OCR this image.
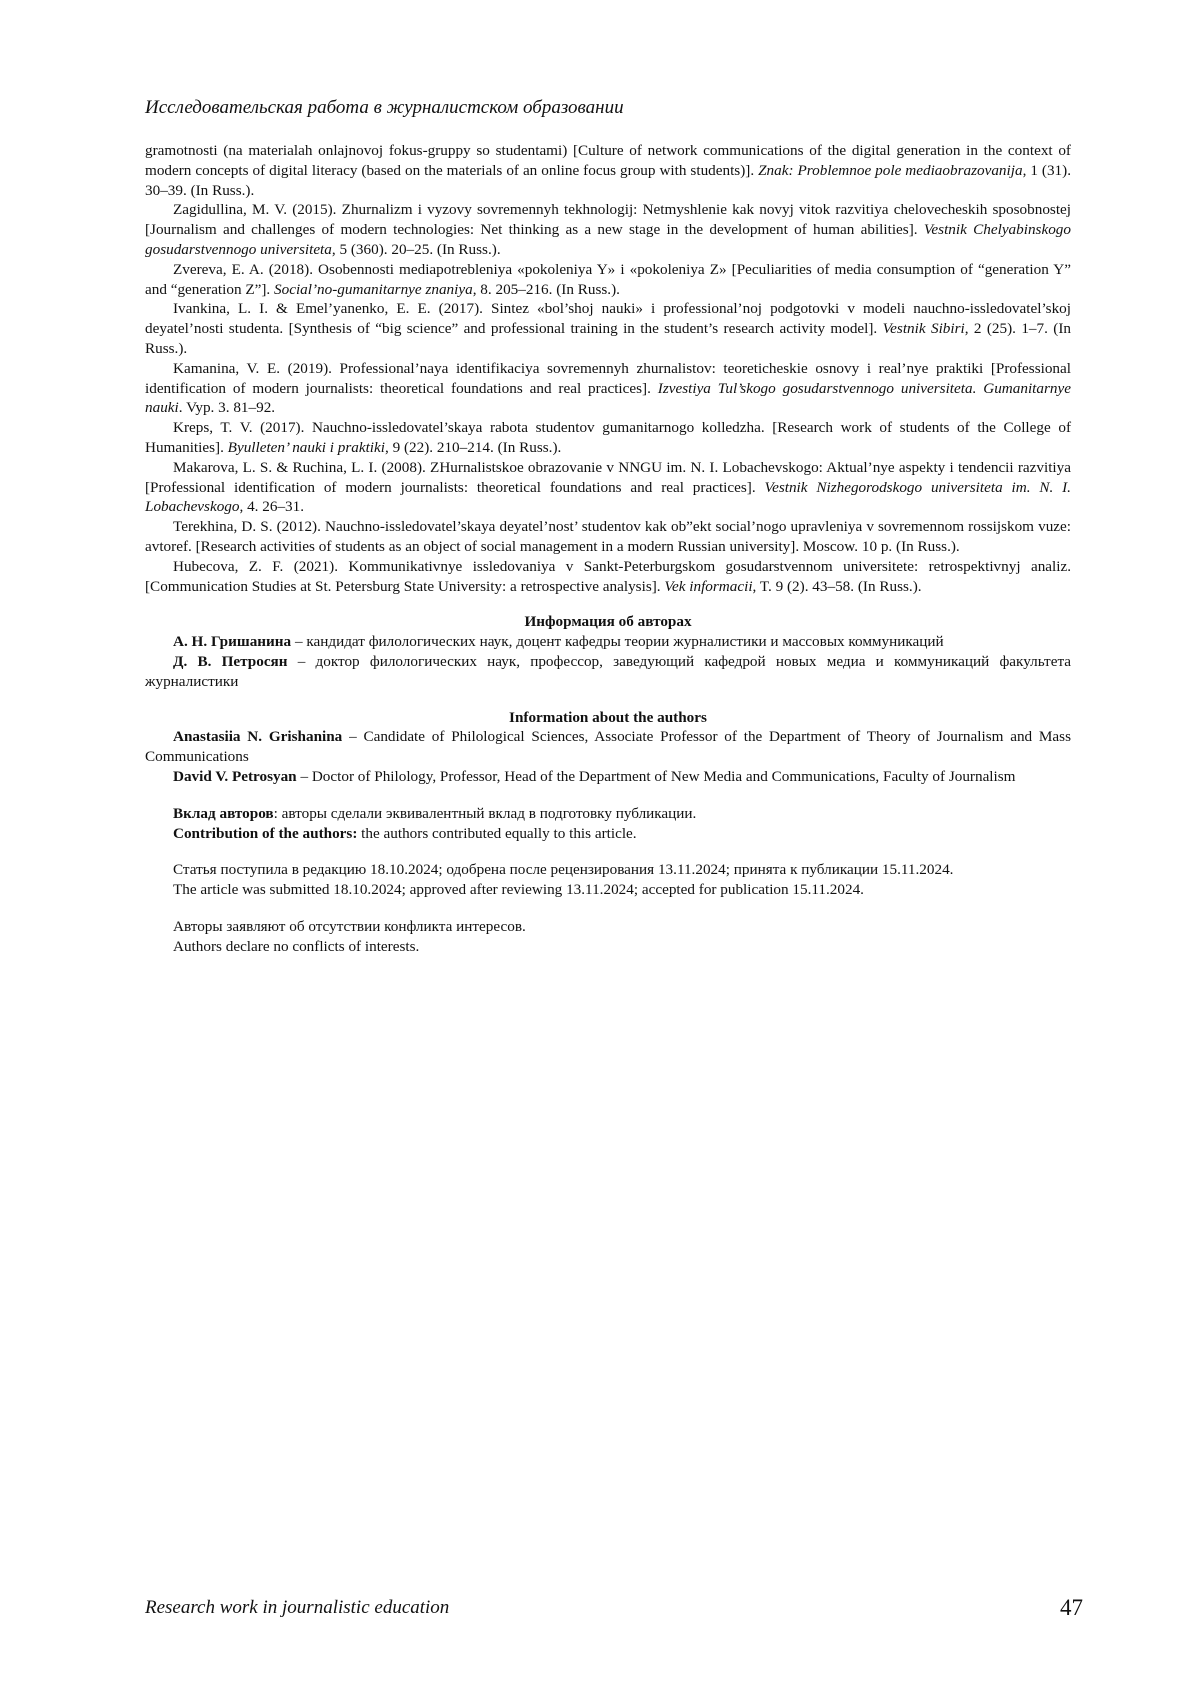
Исследовательская работа в журналистском образовании

gramotnosti (na materialah onlajnovoj fokus-gruppy so studentami) [Culture of network communications of the digital generation in the context of modern concepts of digital literacy (based on the materials of an online focus group with students)]. Znak: Problemnoe pole mediaobrazovanija, 1 (31). 30–39. (In Russ.).

Zagidullina, M. V. (2015). Zhurnalizm i vyzovy sovremennyh tekhnologij: Netmyshlenie kak novyj vitok razvitiya chelovecheskih sposobnostej [Journalism and challenges of modern technologies: Net thinking as a new stage in the development of human abilities]. Vestnik Chelyabinskogo gosudarstvennogo universiteta, 5 (360). 20–25. (In Russ.).

Zvereva, E. A. (2018). Osobennosti mediapotrebleniya «pokoleniya Y» i «pokoleniya Z» [Peculiarities of media consumption of “generation Y” and “generation Z”]. Social’no-gumanitarnye znaniya, 8. 205–216. (In Russ.).

Ivankina, L. I. & Emel’yanenko, E. E. (2017). Sintez «bol’shoj nauki» i professional’noj podgotovki v modeli nauchno-issledovatel’skoj deyatel’nosti studenta. [Synthesis of “big science” and professional training in the student’s research activity model]. Vestnik Sibiri, 2 (25). 1–7. (In Russ.).

Kamanina, V. E. (2019). Professional’naya identifikaciya sovremennyh zhurnalistov: teoreticheskie osnovy i real’nye praktiki [Professional identification of modern journalists: theoretical foundations and real practices]. Izvestiya Tul’skogo gosudarstvennogo universiteta. Gumanitarnye nauki. Vyp. 3. 81–92.

Kreps, T. V. (2017). Nauchno-issledovatel’skaya rabota studentov gumanitarnogo kolledzha. [Research work of students of the College of Humanities]. Byulleten’ nauki i praktiki, 9 (22). 210–214. (In Russ.).

Makarova, L. S. & Ruchina, L. I. (2008). ZHurnalistskoe obrazovanie v NNGU im. N. I. Lobachevskogo: Aktual’nye aspekty i tendencii razvitiya [Professional identification of modern journalists: theoretical foundations and real practices]. Vestnik Nizhegorodskogo universiteta im. N. I. Lobachevskogo, 4. 26–31.

Terekhina, D. S. (2012). Nauchno-issledovatel’skaya deyatel’nost’ studentov kak ob”ekt social’nogo upravleniya v sovremennom rossijskom vuze: avtoref. [Research activities of students as an object of social management in a modern Russian university]. Moscow. 10 p. (In Russ.).

Hubecova, Z. F. (2021). Kommunikativnye issledovaniya v Sankt-Peterburgskom gosudarstvennom universitete: retrospektivnyj analiz. [Communication Studies at St. Petersburg State University: a retrospective analysis]. Vek informacii, T. 9 (2). 43–58. (In Russ.).

Информация об авторах

А. Н. Гришанина – кандидат филологических наук, доцент кафедры теории журналистики и массовых коммуникаций

Д. В. Петросян – доктор филологических наук, профессор, заведующий кафедрой новых медиа и коммуникаций факультета журналистики

Information about the authors

Anastasiia N. Grishanina – Candidate of Philological Sciences, Associate Professor of the Department of Theory of Journalism and Mass Communications

David V. Petrosyan – Doctor of Philology, Professor, Head of the Department of New Media and Communications, Faculty of Journalism

Вклад авторов: авторы сделали эквивалентный вклад в подготовку публикации.

Contribution of the authors: the authors contributed equally to this article.

Статья поступила в редакцию 18.10.2024; одобрена после рецензирования 13.11.2024; принята к публикации 15.11.2024.

The article was submitted 18.10.2024; approved after reviewing 13.11.2024; accepted for publication 15.11.2024.

Авторы заявляют об отсутствии конфликта интересов.

Authors declare no conflicts of interests.

Research work in journalistic education	47
